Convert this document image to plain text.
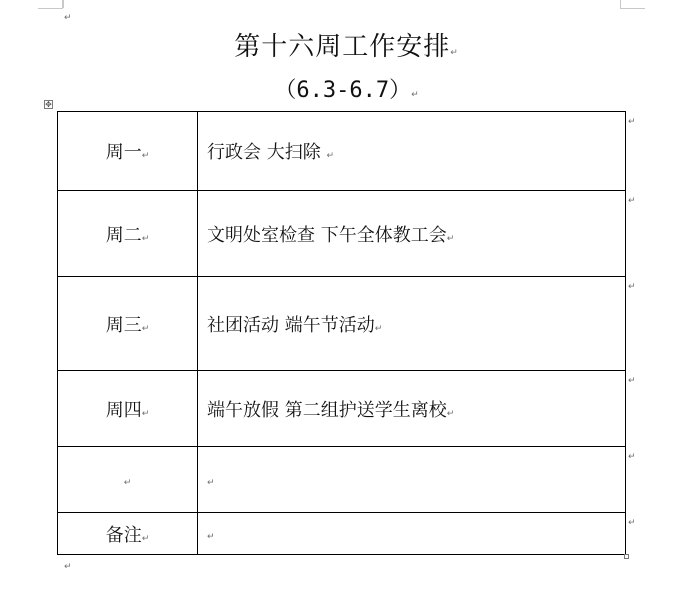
↵
第十六周工作安排↵
（6.3-6.7）↵
✥
周一↵	行政会 大扫除 ↵
周二↵	文明处室检查 下午全体教工会↵
周三↵	社团活动 端午节活动↵
周四↵	端午放假 第二组护送学生离校↵
↵	↵
备注↵	↵
↵
↵
↵
↵
↵
↵
↵
